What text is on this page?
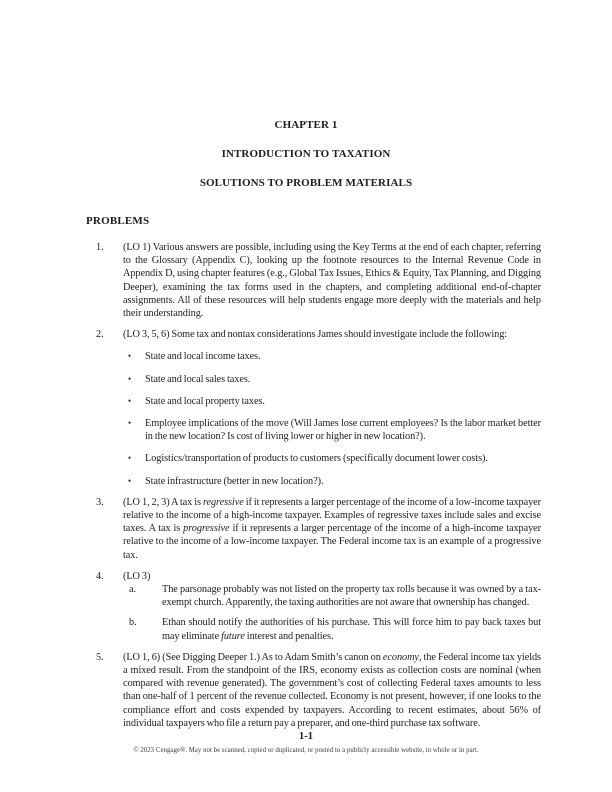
CHAPTER 1
INTRODUCTION TO TAXATION
SOLUTIONS TO PROBLEM MATERIALS
PROBLEMS
1.	(LO 1) Various answers are possible, including using the Key Terms at the end of each chapter, referring to the Glossary (Appendix C), looking up the footnote resources to the Internal Revenue Code in Appendix D, using chapter features (e.g., Global Tax Issues, Ethics & Equity, Tax Planning, and Digging Deeper), examining the tax forms used in the chapters, and completing additional end-of-chapter assignments. All of these resources will help students engage more deeply with the materials and help their understanding.
2.	(LO 3, 5, 6) Some tax and nontax considerations James should investigate include the following:
•	State and local income taxes.
•	State and local sales taxes.
•	State and local property taxes.
•	Employee implications of the move (Will James lose current employees? Is the labor market better in the new location? Is cost of living lower or higher in new location?).
•	Logistics/transportation of products to customers (specifically document lower costs).
•	State infrastructure (better in new location?).
3.	(LO 1, 2, 3) A tax is regressive if it represents a larger percentage of the income of a low-income taxpayer relative to the income of a high-income taxpayer. Examples of regressive taxes include sales and excise taxes. A tax is progressive if it represents a larger percentage of the income of a high-income taxpayer relative to the income of a low-income taxpayer. The Federal income tax is an example of a progressive tax.
4.	(LO 3)
a.	The parsonage probably was not listed on the property tax rolls because it was owned by a tax-exempt church. Apparently, the taxing authorities are not aware that ownership has changed.
b.	Ethan should notify the authorities of his purchase. This will force him to pay back taxes but may eliminate future interest and penalties.
5.	(LO 1, 6) (See Digging Deeper 1.) As to Adam Smith’s canon on economy, the Federal income tax yields a mixed result. From the standpoint of the IRS, economy exists as collection costs are nominal (when compared with revenue generated). The government’s cost of collecting Federal taxes amounts to less than one-half of 1 percent of the revenue collected. Economy is not present, however, if one looks to the compliance effort and costs expended by taxpayers. According to recent estimates, about 56% of individual taxpayers who file a return pay a preparer, and one-third purchase tax software.
1-1
© 2023 Cengage®. May not be scanned, copied or duplicated, or posted to a publicly accessible website, in whole or in part.
